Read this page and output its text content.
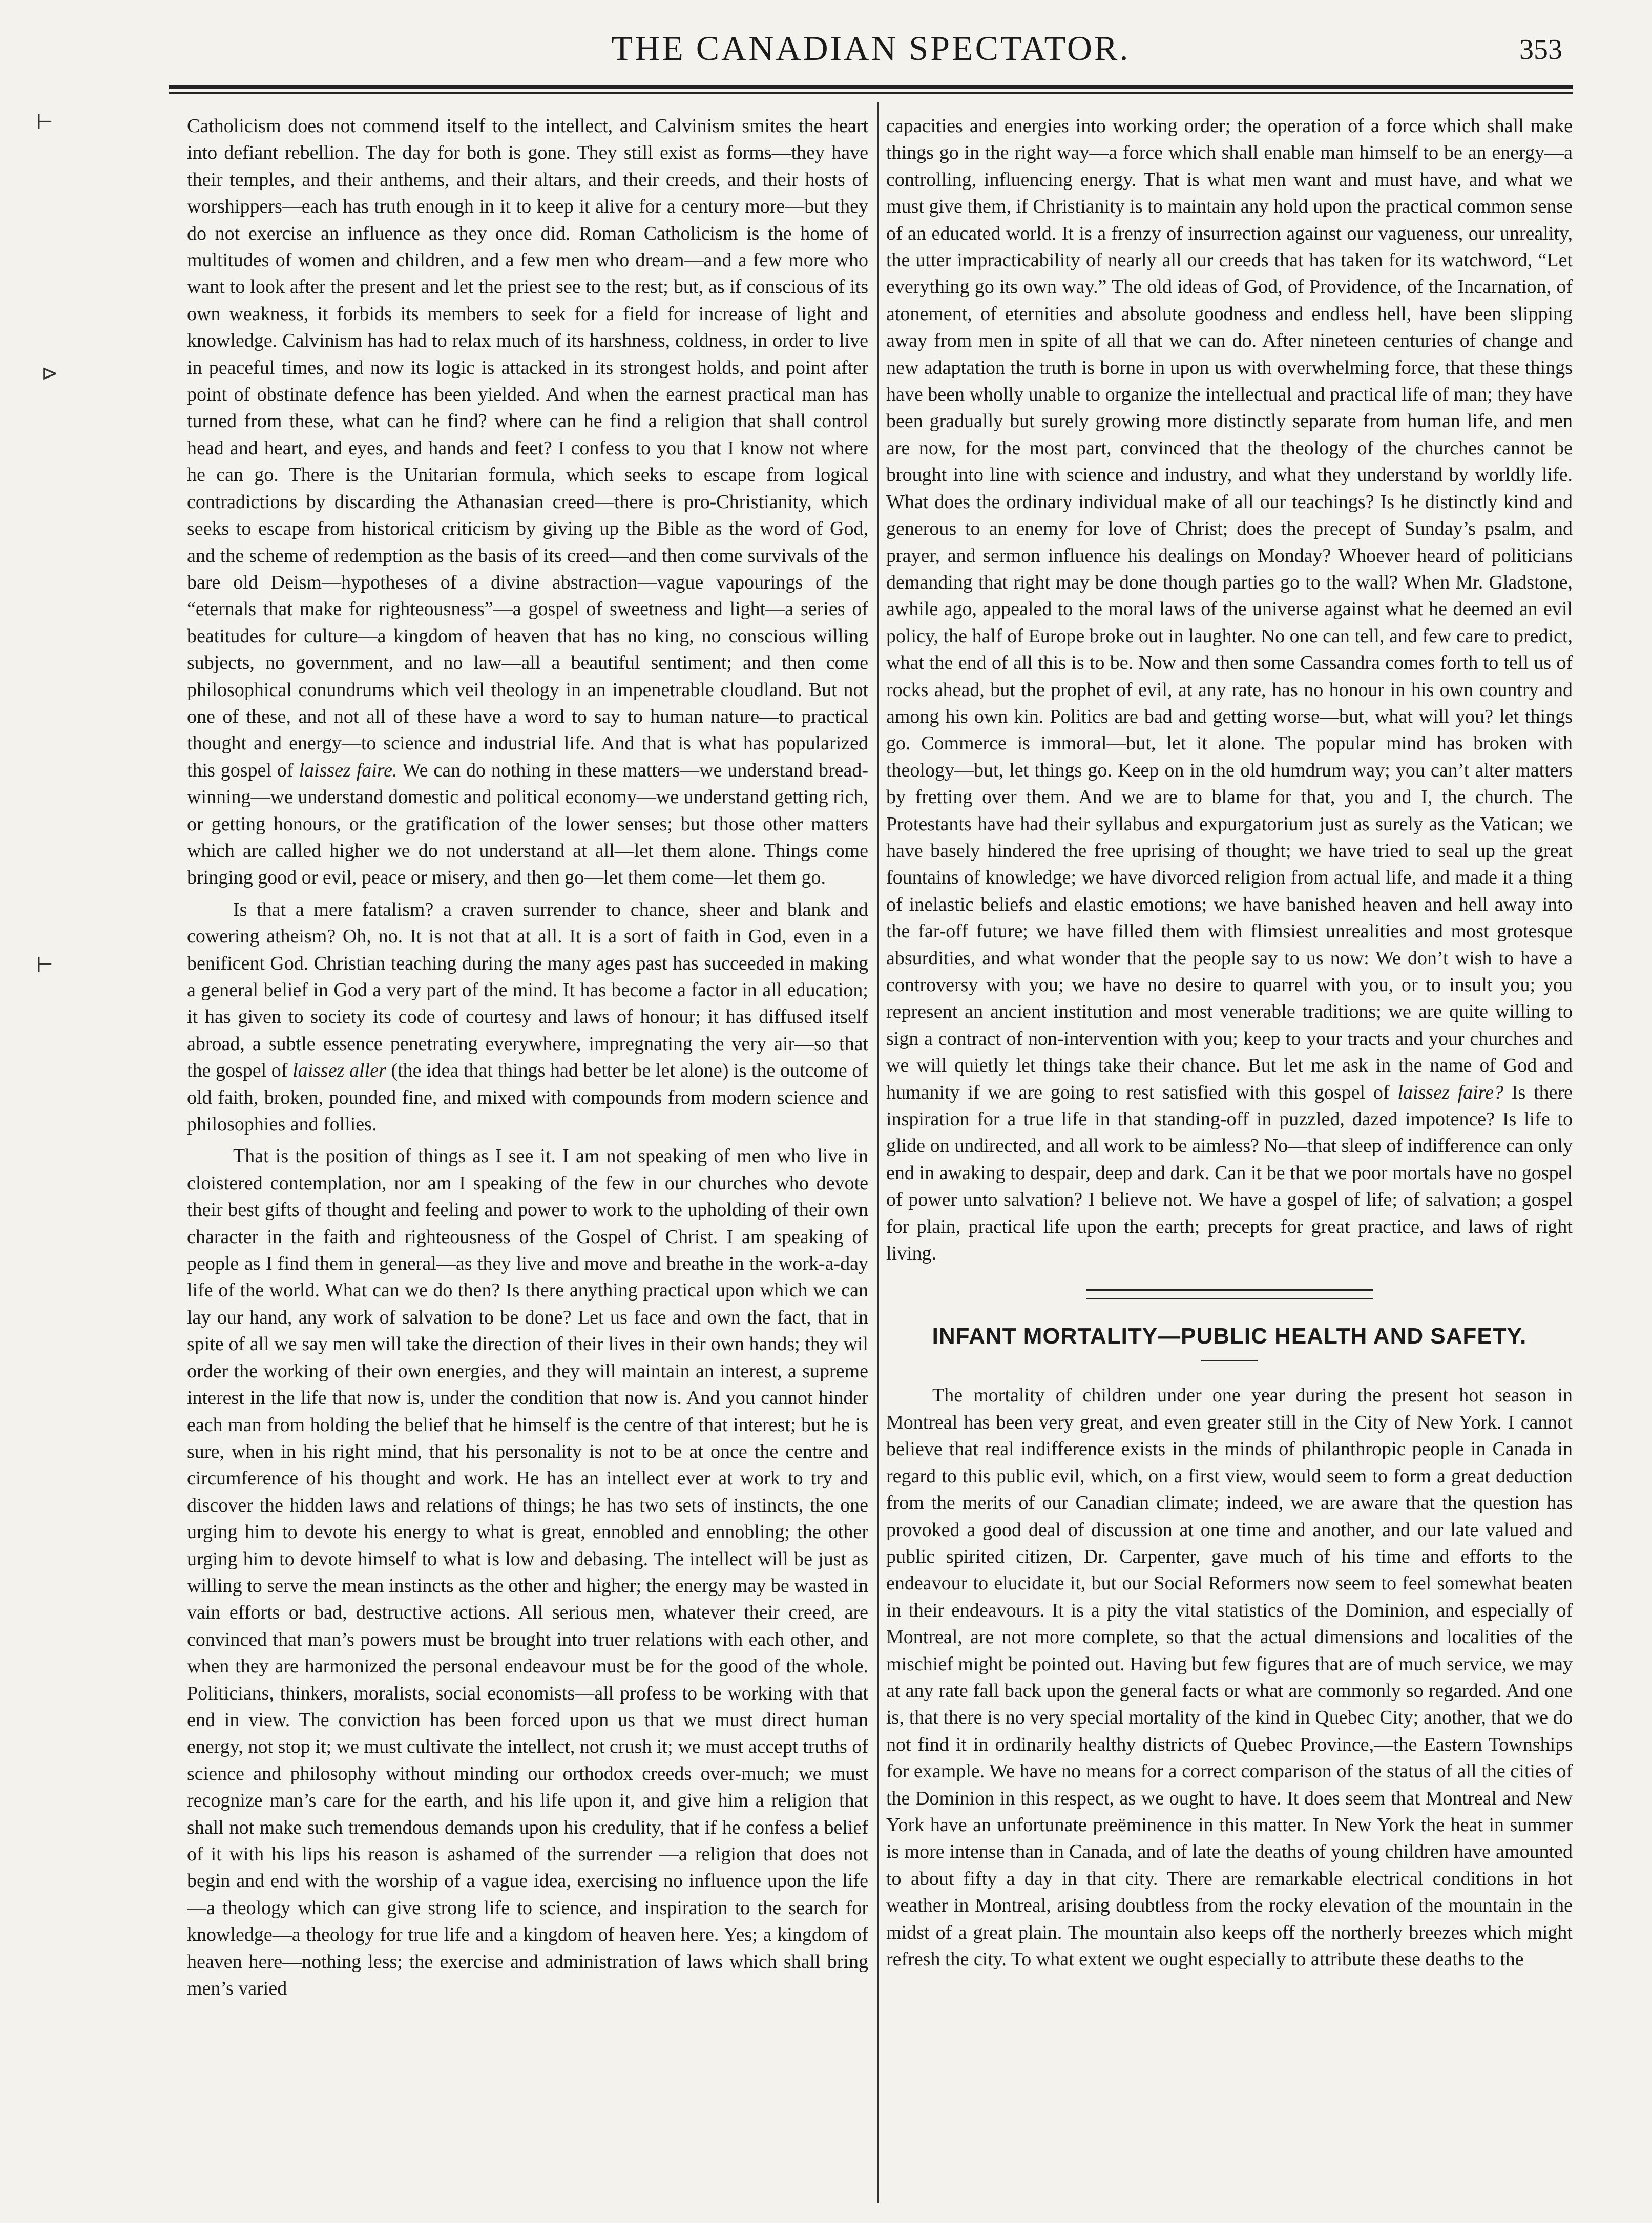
THE CANADIAN SPECTATOR.	353
⊢
⊳
⊢

Catholicism does not commend itself to the intellect, and Calvinism smites the heart into defiant rebellion. The day for both is gone. They still exist as forms—they have their temples, and their anthems, and their altars, and their creeds, and their hosts of worshippers—each has truth enough in it to keep it alive for a century more—but they do not exercise an influence as they once did. Roman Catholicism is the home of multitudes of women and children, and a few men who dream—and a few more who want to look after the present and let the priest see to the rest; but, as if conscious of its own weakness, it forbids its members to seek for a field for increase of light and knowledge. Calvinism has had to relax much of its harshness, coldness, in order to live in peaceful times, and now its logic is attacked in its strongest holds, and point after point of obstinate defence has been yielded. And when the earnest practical man has turned from these, what can he find? where can he find a religion that shall control head and heart, and eyes, and hands and feet? I confess to you that I know not where he can go. There is the Unitarian formula, which seeks to escape from logical contradictions by discarding the Athanasian creed—there is pro-Christianity, which seeks to escape from historical criticism by giving up the Bible as the word of God, and the scheme of redemption as the basis of its creed—and then come survivals of the bare old Deism—hypotheses of a divine abstraction—vague vapourings of the “eternals that make for righteousness”—a gospel of sweetness and light—a series of beatitudes for culture—a kingdom of heaven that has no king, no conscious willing subjects, no government, and no law—all a beautiful sentiment; and then come philosophical conundrums which veil theology in an impenetrable cloudland. But not one of these, and not all of these have a word to say to human nature—to practical thought and energy—to science and industrial life. And that is what has popularized this gospel of laissez faire. We can do nothing in these matters—we understand bread-winning—we understand domestic and political economy—we understand getting rich, or getting honours, or the gratification of the lower senses; but those other matters which are called higher we do not understand at all—let them alone. Things come bringing good or evil, peace or misery, and then go—let them come—let them go.

Is that a mere fatalism? a craven surrender to chance, sheer and blank and cowering atheism? Oh, no. It is not that at all. It is a sort of faith in God, even in a benificent God. Christian teaching during the many ages past has succeeded in making a general belief in God a very part of the mind. It has become a factor in all education; it has given to society its code of courtesy and laws of honour; it has diffused itself abroad, a subtle essence penetrating everywhere, impregnating the very air—so that the gospel of laissez aller (the idea that things had better be let alone) is the outcome of old faith, broken, pounded fine, and mixed with compounds from modern science and philosophies and follies.

That is the position of things as I see it. I am not speaking of men who live in cloistered contemplation, nor am I speaking of the few in our churches who devote their best gifts of thought and feeling and power to work to the upholding of their own character in the faith and righteousness of the Gospel of Christ. I am speaking of people as I find them in general—as they live and move and breathe in the work-a-day life of the world. What can we do then? Is there anything practical upon which we can lay our hand, any work of salvation to be done? Let us face and own the fact, that in spite of all we say men will take the direction of their lives in their own hands; they wil order the working of their own energies, and they will maintain an interest, a supreme interest in the life that now is, under the condition that now is. And you cannot hinder each man from holding the belief that he himself is the centre of that interest; but he is sure, when in his right mind, that his personality is not to be at once the centre and circumference of his thought and work. He has an intellect ever at work to try and discover the hidden laws and relations of things; he has two sets of instincts, the one urging him to devote his energy to what is great, ennobled and ennobling; the other urging him to devote himself to what is low and debasing. The intellect will be just as willing to serve the mean instincts as the other and higher; the energy may be wasted in vain efforts or bad, destructive actions. All serious men, whatever their creed, are convinced that man’s powers must be brought into truer relations with each other, and when they are harmonized the personal endeavour must be for the good of the whole. Politicians, thinkers, moralists, social economists—all profess to be working with that end in view. The conviction has been forced upon us that we must direct human energy, not stop it; we must cultivate the intellect, not crush it; we must accept truths of science and philosophy without minding our orthodox creeds over-much; we must recognize man’s care for the earth, and his life upon it, and give him a religion that shall not make such tremendous demands upon his credulity, that if he confess a belief of it with his lips his reason is ashamed of the surrender —a religion that does not begin and end with the worship of a vague idea, exercising no influence upon the life—a theology which can give strong life to science, and inspiration to the search for knowledge—a theology for true life and a kingdom of heaven here. Yes; a kingdom of heaven here—nothing less; the exercise and administration of laws which shall bring men’s varied

capacities and energies into working order; the operation of a force which shall make things go in the right way—a force which shall enable man himself to be an energy—a controlling, influencing energy. That is what men want and must have, and what we must give them, if Christianity is to maintain any hold upon the practical common sense of an educated world. It is a frenzy of insurrection against our vagueness, our unreality, the utter impracticability of nearly all our creeds that has taken for its watchword, “Let everything go its own way.” The old ideas of God, of Providence, of the Incarnation, of atonement, of eternities and absolute goodness and endless hell, have been slipping away from men in spite of all that we can do. After nineteen centuries of change and new adaptation the truth is borne in upon us with overwhelming force, that these things have been wholly unable to organize the intellectual and practical life of man; they have been gradually but surely growing more distinctly separate from human life, and men are now, for the most part, convinced that the theology of the churches cannot be brought into line with science and industry, and what they understand by worldly life. What does the ordinary individual make of all our teachings? Is he distinctly kind and generous to an enemy for love of Christ; does the precept of Sunday’s psalm, and prayer, and sermon influence his dealings on Monday? Whoever heard of politicians demanding that right may be done though parties go to the wall? When Mr. Gladstone, awhile ago, appealed to the moral laws of the universe against what he deemed an evil policy, the half of Europe broke out in laughter. No one can tell, and few care to predict, what the end of all this is to be. Now and then some Cassandra comes forth to tell us of rocks ahead, but the prophet of evil, at any rate, has no honour in his own country and among his own kin. Politics are bad and getting worse—but, what will you? let things go. Commerce is immoral—but, let it alone. The popular mind has broken with theology—but, let things go. Keep on in the old humdrum way; you can’t alter matters by fretting over them. And we are to blame for that, you and I, the church. The Protestants have had their syllabus and expurgatorium just as surely as the Vatican; we have basely hindered the free uprising of thought; we have tried to seal up the great fountains of knowledge; we have divorced religion from actual life, and made it a thing of inelastic beliefs and elastic emotions; we have banished heaven and hell away into the far-off future; we have filled them with flimsiest unrealities and most grotesque absurdities, and what wonder that the people say to us now: We don’t wish to have a controversy with you; we have no desire to quarrel with you, or to insult you; you represent an ancient institution and most venerable traditions; we are quite willing to sign a contract of non-intervention with you; keep to your tracts and your churches and we will quietly let things take their chance. But let me ask in the name of God and humanity if we are going to rest satisfied with this gospel of laissez faire? Is there inspiration for a true life in that standing-off in puzzled, dazed impotence? Is life to glide on undirected, and all work to be aimless? No—that sleep of indifference can only end in awaking to despair, deep and dark. Can it be that we poor mortals have no gospel of power unto salvation? I believe not. We have a gospel of life; of salvation; a gospel for plain, practical life upon the earth; precepts for great practice, and laws of right living.

INFANT MORTALITY—PUBLIC HEALTH AND SAFETY.

The mortality of children under one year during the present hot season in Montreal has been very great, and even greater still in the City of New York. I cannot believe that real indifference exists in the minds of philanthropic people in Canada in regard to this public evil, which, on a first view, would seem to form a great deduction from the merits of our Canadian climate; indeed, we are aware that the question has provoked a good deal of discussion at one time and another, and our late valued and public spirited citizen, Dr. Carpenter, gave much of his time and efforts to the endeavour to elucidate it, but our Social Reformers now seem to feel somewhat beaten in their endeavours. It is a pity the vital statistics of the Dominion, and especially of Montreal, are not more complete, so that the actual dimensions and localities of the mischief might be pointed out. Having but few figures that are of much service, we may at any rate fall back upon the general facts or what are commonly so regarded. And one is, that there is no very special mortality of the kind in Quebec City; another, that we do not find it in ordinarily healthy districts of Quebec Province,—the Eastern Townships for example. We have no means for a correct comparison of the status of all the cities of the Dominion in this respect, as we ought to have. It does seem that Montreal and New York have an unfortunate preëminence in this matter. In New York the heat in summer is more intense than in Canada, and of late the deaths of young children have amounted to about fifty a day in that city. There are remarkable electrical conditions in hot weather in Montreal, arising doubtless from the rocky elevation of the mountain in the midst of a great plain. The mountain also keeps off the northerly breezes which might refresh the city. To what extent we ought especially to attribute these deaths to the
